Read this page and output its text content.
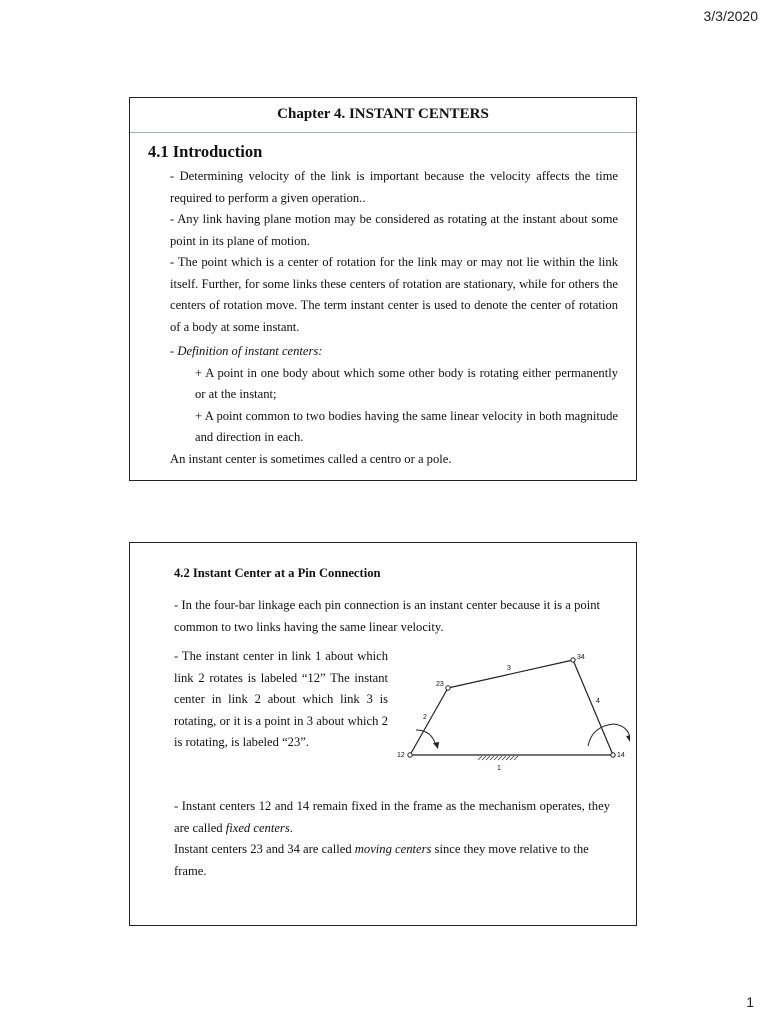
3/3/2020
Chapter 4. INSTANT CENTERS
4.1 Introduction

- Determining velocity of the link is important because the velocity affects the time required to perform a given operation..

- Any link having plane motion may be considered as rotating at the instant about some point in its plane of motion.

- The point which is a center of rotation for the link may or may not lie within the link itself. Further, for some links these centers of rotation are stationary, while for others the centers of rotation move. The term instant center is used to denote the center of rotation of a body at some instant.

- Definition of instant centers:

+ A point in one body about which some other body is rotating either permanently or at the instant;

+ A point common to two bodies having the same linear velocity in both magnitude and direction in each.

An instant center is sometimes called a centro or a pole.

4.2 Instant Center at a Pin Connection
- In the four-bar linkage each pin connection is an instant center because it is a point common to two links having the same linear velocity.
- The instant center in link 1 about which link 2 rotates is labeled “12” The instant center in link 2 about which link 3 is rotating, or it is a point in 3 about which 2 is rotating, is labeled “23”.
12	14
23
34
1
2
3
4
- Instant centers 12 and 14 remain fixed in the frame as the mechanism operates, they are called fixed centers.
Instant centers 23 and 34 are called moving centers since they move relative to the frame.
1
